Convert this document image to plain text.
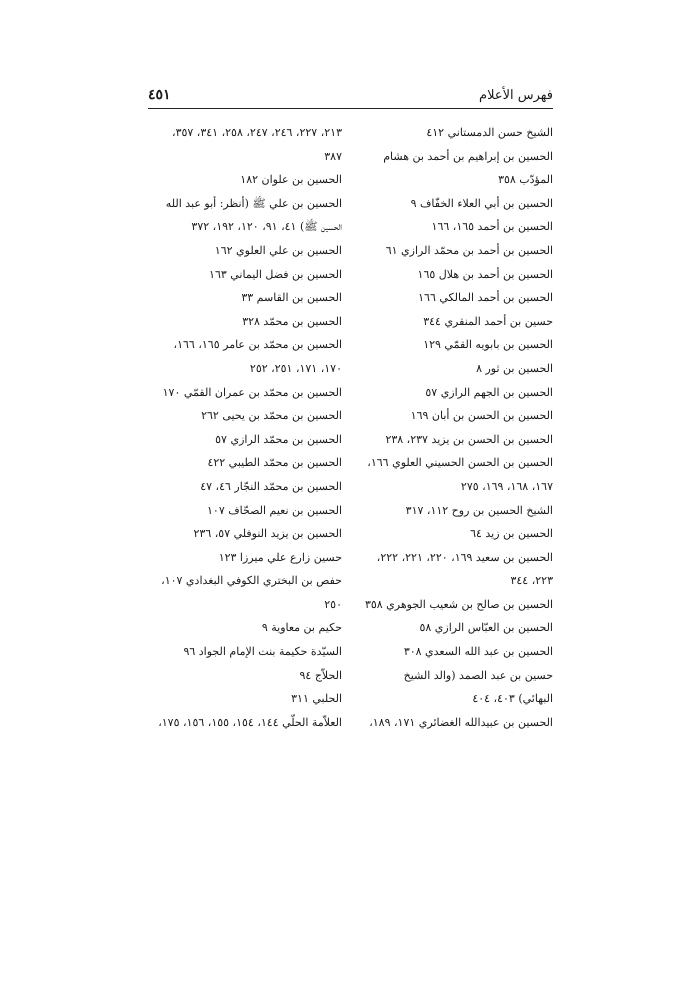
فهرس الأعلام
٤٥١
الشيخ حسن الدمستاني ٤١٢
الحسين بن إبراهيم بن أحمد بن هشام
المؤدّب ٣٥٨
الحسين بن أبي العلاء الخفّاف ٩
الحسين بن أحمد ١٦٥، ١٦٦
الحسين بن أحمد بن محمّد الرازي ٦١
الحسين بن أحمد بن هلال ١٦٥
الحسين بن أحمد المالكي ١٦٦
حسين بن أحمد المنقري ٣٤٤
الحسين بن بابويه القمّي ١٢٩
الحسين بن ثور ٨
الحسين بن الجهم الرازي ٥٧
الحسين بن الحسن بن أبان ١٦٩
الحسين بن الحسن بن يزيد ٢٣٧، ٢٣٨
الحسين بن الحسن الحسيني العلوي ١٦٦،
١٦٧، ١٦٨، ١٦٩، ٢٧٥
الشيخ الحسين بن روح ١١٢، ٣١٧
الحسين بن زيد ٦٤
الحسين بن سعيد ١٦٩، ٢٢٠، ٢٢١، ٢٢٢،
٢٢٣، ٣٤٤
الحسين بن صالح بن شعيب الجوهري ٣٥٨
الحسين بن العبّاس الرازي ٥٨
الحسين بن عبد الله السعدي ٣٠٨
حسين بن عبد الصمد (والد الشيخ
البهائي) ٤٠٣، ٤٠٤
الحسين بن عبيدالله الغضائري ١٧١، ١٨٩،
٢١٣، ٢٢٧، ٢٤٦، ٢٤٧، ٢٥٨، ٣٤١، ٣٥٧،
٣٨٧
الحسين بن علوان ١٨٢
الحسين بن علي ﷺ (أنظر: أبو عبد الله
الحسين ﷺ) ٤١، ٩١، ١٢٠، ١٩٢، ٣٧٢
الحسين بن علي العلوي ١٦٢
الحسين بن فضل اليماني ١٦٣
الحسين بن القاسم ٣٣
الحسين بن محمّد ٣٢٨
الحسين بن محمّد بن عامر ١٦٥، ١٦٦،
١٧٠، ١٧١، ٢٥١، ٢٥٢
الحسين بن محمّد بن عمران القمّي ١٧٠
الحسين بن محمّد بن يحيى ٢٦٢
الحسين بن محمّد الرازي ٥٧
الحسين بن محمّد الطيبي ٤٢٢
الحسين بن محمّد النجّار ٤٦، ٤٧
الحسين بن نعيم الصحّاف ١٠٧
الحسين بن يزيد النوفلي ٥٧، ٢٣٦
حسين زارع علي ميرزا ١٢٣
حفص بن البختري الكوفي البغدادي ١٠٧،
٢٥٠
حكيم بن معاوية ٩
السيّدة حكيمة بنت الإمام الجواد ٩٦
الحلاّج ٩٤
الحلبي ٣١١
العلاّمة الحلّي ١٤٤، ١٥٤، ١٥٥، ١٥٦، ١٧٥،
